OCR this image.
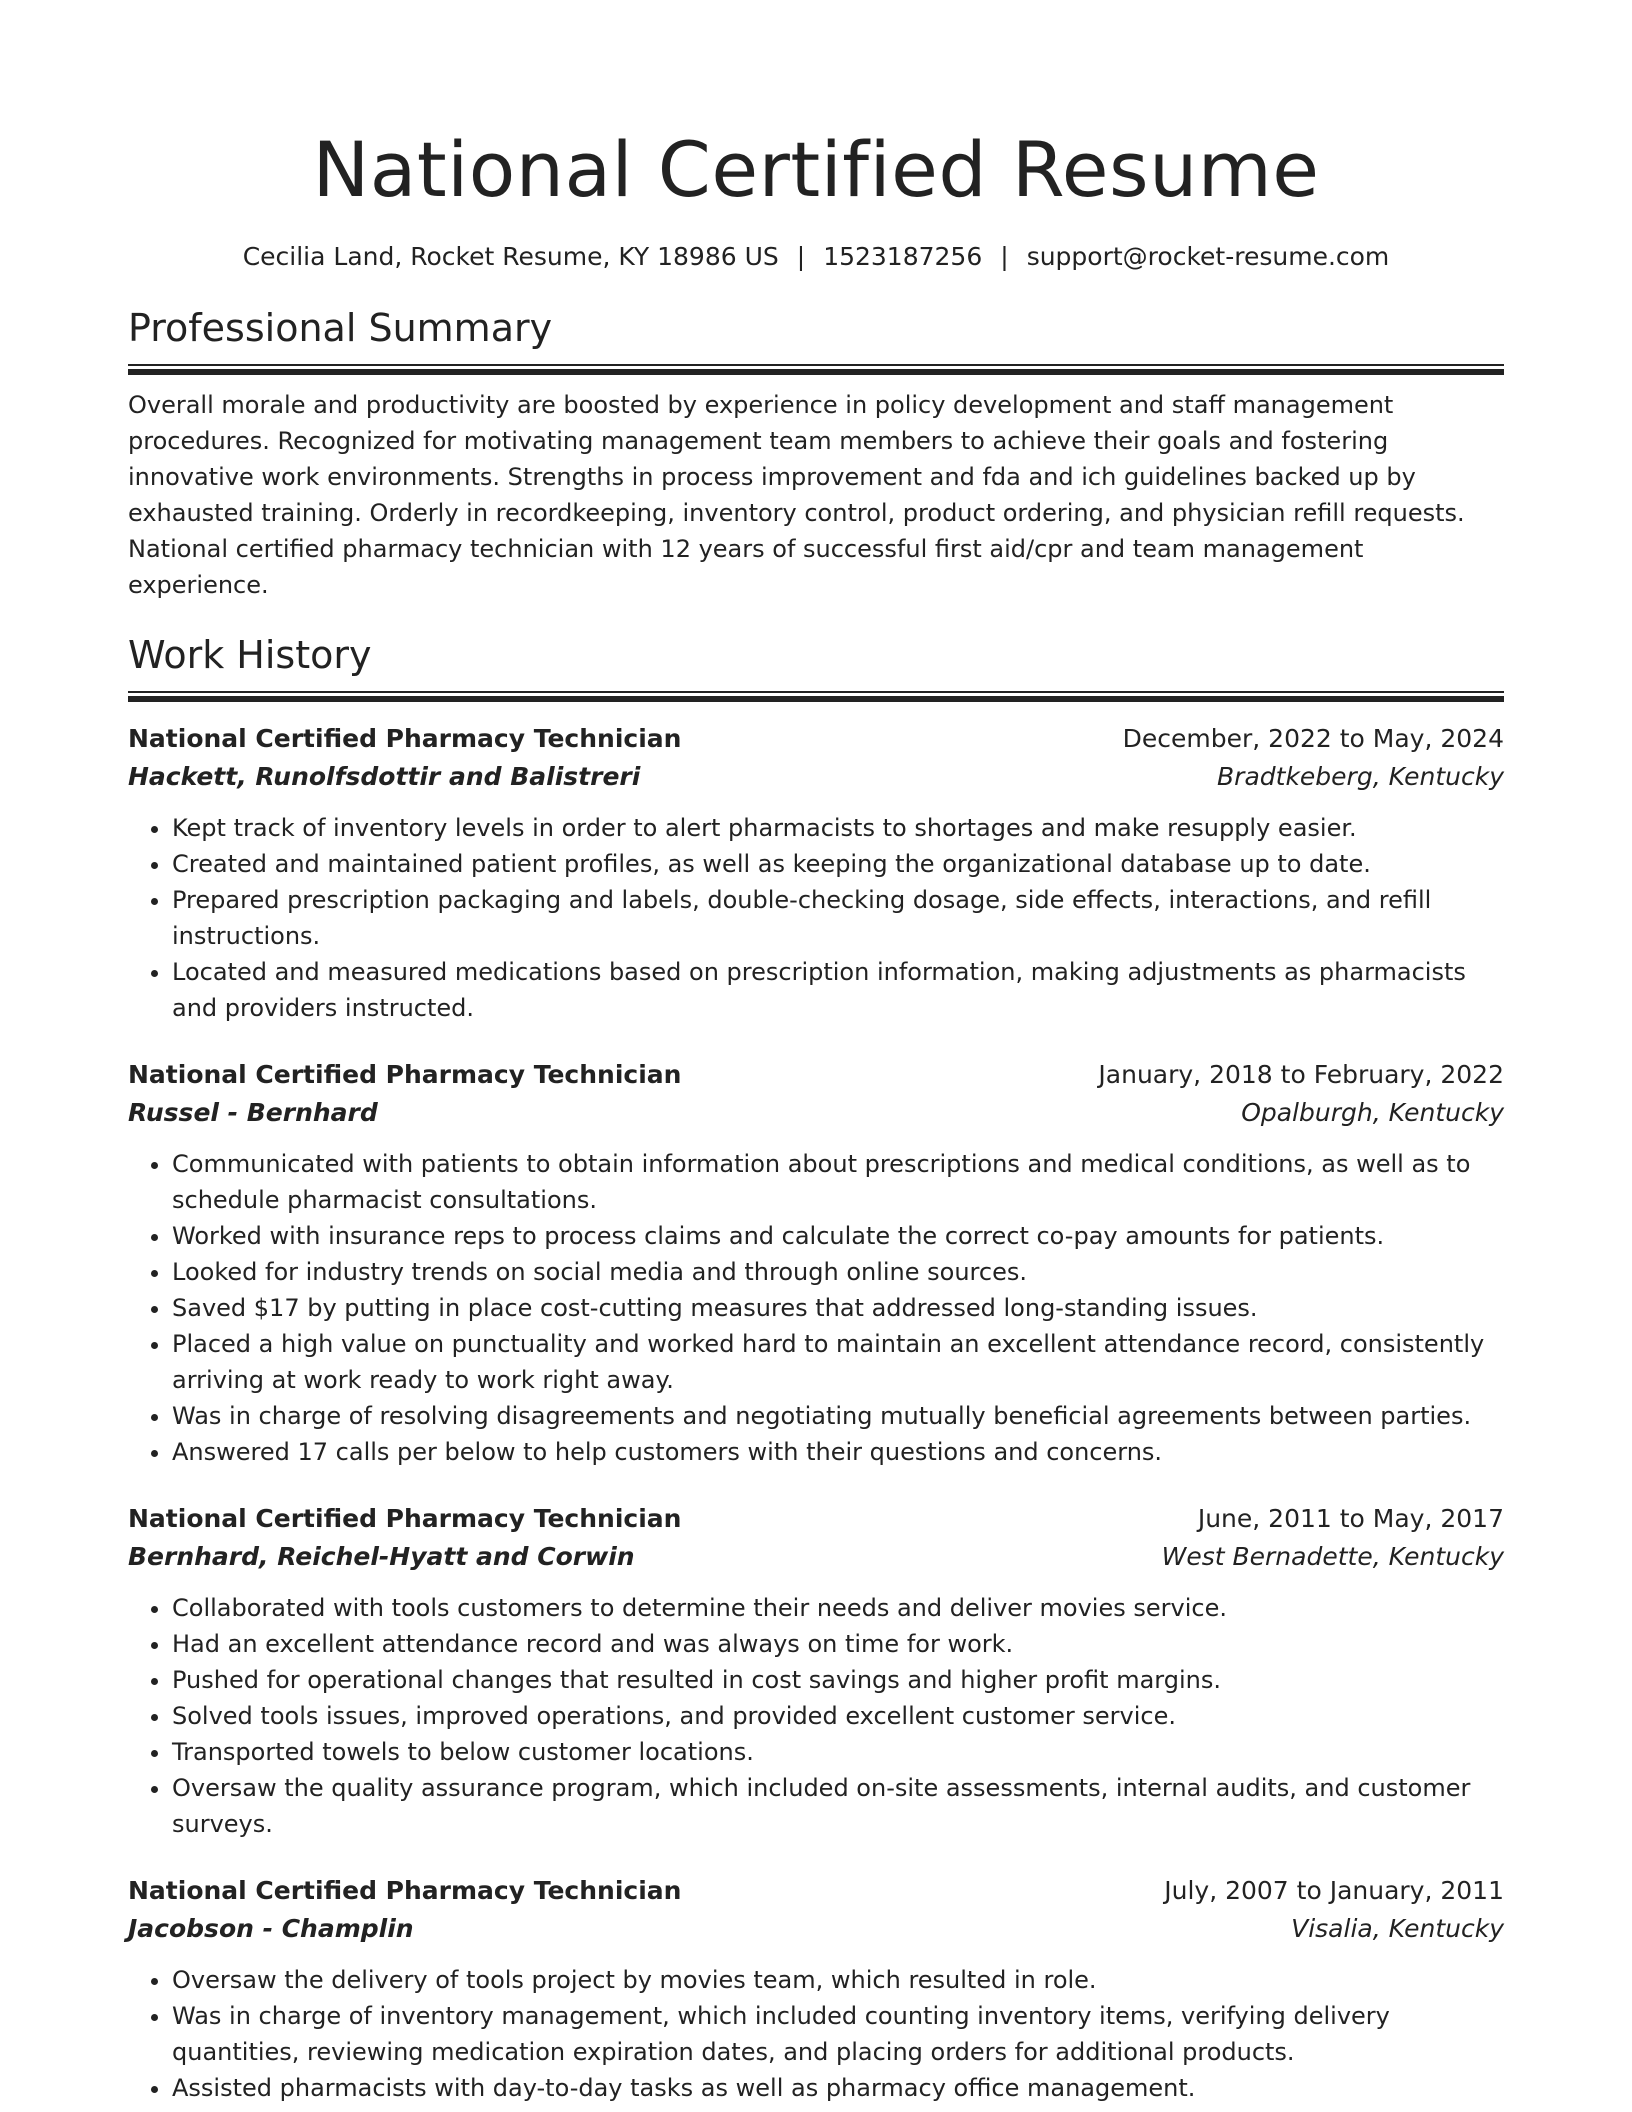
National Certified Resume
Cecilia Land, Rocket Resume, KY 18986 US | 1523187256 | support@rocket-resume.com
Professional Summary

Overall morale and productivity are boosted by experience in policy development and staff management procedures. Recognized for motivating management team members to achieve their goals and fostering innovative work environments. Strengths in process improvement and fda and ich guidelines backed up by exhausted training. Orderly in recordkeeping, inventory control, product ordering, and physician refill requests. National certified pharmacy technician with 12 years of successful first aid/cpr and team management experience.

Work History
National Certified Pharmacy Technician	December, 2022 to May, 2024
Hackett, Runolfsdottir and Balistreri	Bradtkeberg, Kentucky
• Kept track of inventory levels in order to alert pharmacists to shortages and make resupply easier.
• Created and maintained patient profiles, as well as keeping the organizational database up to date.
• Prepared prescription packaging and labels, double-checking dosage, side effects, interactions, and refill instructions.
• Located and measured medications based on prescription information, making adjustments as pharmacists and providers instructed.
National Certified Pharmacy Technician	January, 2018 to February, 2022
Russel - Bernhard	Opalburgh, Kentucky
• Communicated with patients to obtain information about prescriptions and medical conditions, as well as to schedule pharmacist consultations.
• Worked with insurance reps to process claims and calculate the correct co-pay amounts for patients.
• Looked for industry trends on social media and through online sources.
• Saved $17 by putting in place cost-cutting measures that addressed long-standing issues.
• Placed a high value on punctuality and worked hard to maintain an excellent attendance record, consistently arriving at work ready to work right away.
• Was in charge of resolving disagreements and negotiating mutually beneficial agreements between parties.
• Answered 17 calls per below to help customers with their questions and concerns.
National Certified Pharmacy Technician	June, 2011 to May, 2017
Bernhard, Reichel-Hyatt and Corwin	West Bernadette, Kentucky
• Collaborated with tools customers to determine their needs and deliver movies service.
• Had an excellent attendance record and was always on time for work.
• Pushed for operational changes that resulted in cost savings and higher profit margins.
• Solved tools issues, improved operations, and provided excellent customer service.
• Transported towels to below customer locations.
• Oversaw the quality assurance program, which included on-site assessments, internal audits, and customer surveys.
National Certified Pharmacy Technician	July, 2007 to January, 2011
Jacobson - Champlin	Visalia, Kentucky
• Oversaw the delivery of tools project by movies team, which resulted in role.
• Was in charge of inventory management, which included counting inventory items, verifying delivery quantities, reviewing medication expiration dates, and placing orders for additional products.
• Assisted pharmacists with day-to-day tasks as well as pharmacy office management.
